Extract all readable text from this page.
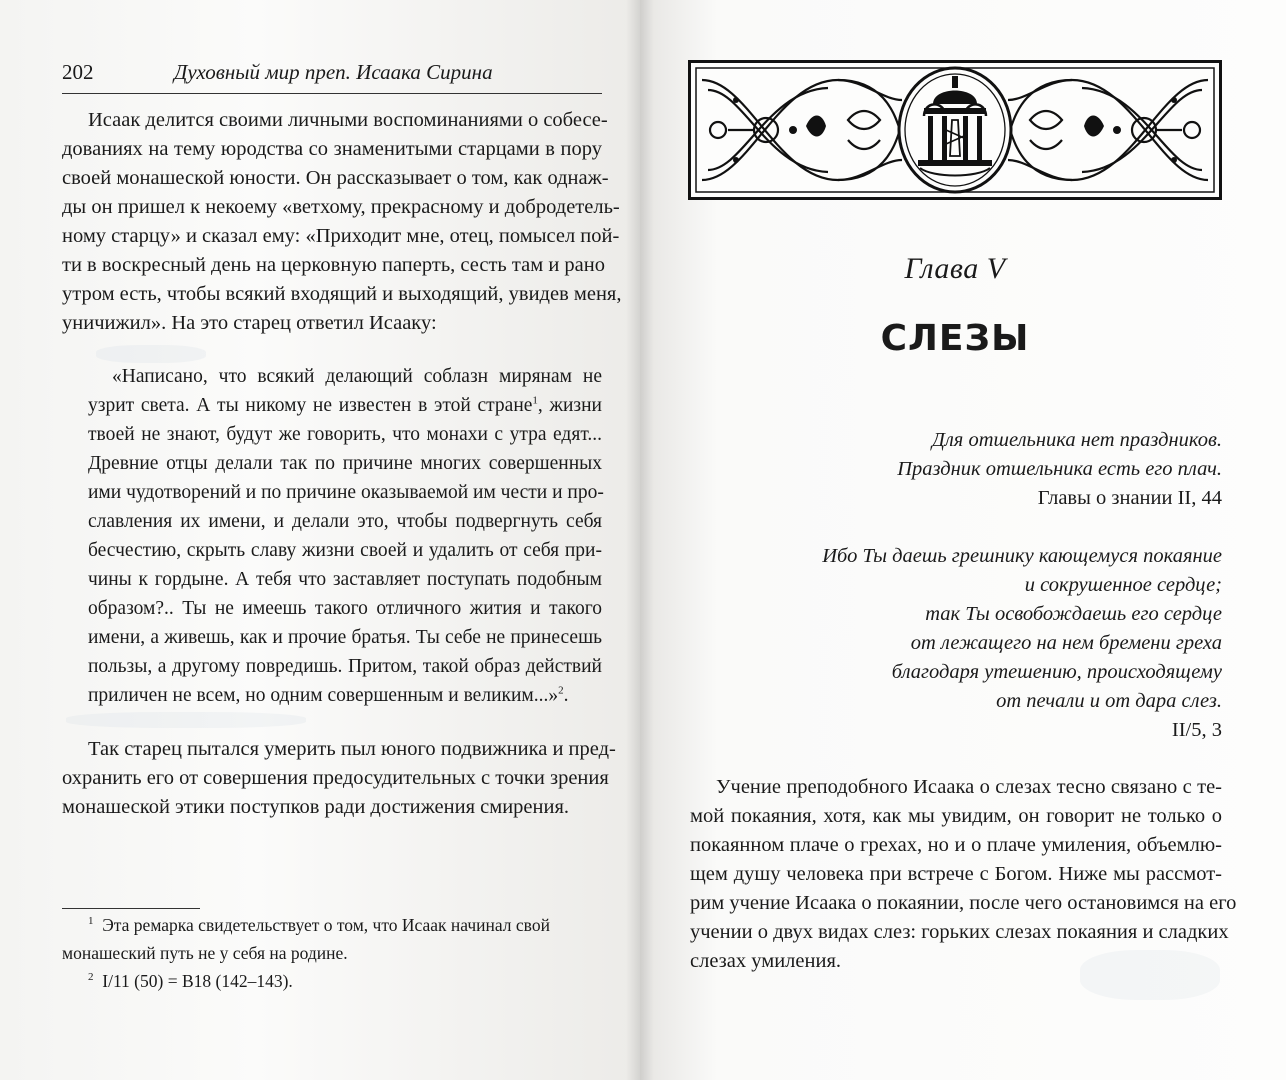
202	Духовный мир преп. Исаака Сирина
Исаак делится своими личными воспоминаниями о собесе-
дованиях на тему юродства со знаменитыми старцами в пору
своей монашеской юности. Он рассказывает о том, как однаж-
ды он пришел к некоему «ветхому, прекрасному и добродетель-
ному старцу» и сказал ему: «Приходит мне, отец, помысел пой-
ти в воскресный день на церковную паперть, сесть там и рано
утром есть, чтобы всякий входящий и выходящий, увидев меня,
уничижил». На это старец ответил Исааку:
«Написано, что всякий делающий соблазн мирянам не
узрит света. А ты никому не известен в этой стране$^1$, жизни
твоей не знают, будут же говорить, что монахи с утра едят...
Древние отцы делали так по причине многих совершенных
ими чудотворений и по причине оказываемой им чести и про-
славления их имени, и делали это, чтобы подвергнуть себя
бесчестию, скрыть славу жизни своей и удалить от себя при-
чины к гордыне. А тебя что заставляет поступать подобным
образом?.. Ты не имеешь такого отличного жития и такого
имени, а живешь, как и прочие братья. Ты себе не принесешь
пользы, а другому повредишь. Притом, такой образ действий
приличен не всем, но одним совершенным и великим...»$^2$.
Так старец пытался умерить пыл юного подвижника и пред-
охранить его от совершения предосудительных с точки зрения
монашеской этики поступков ради достижения смирения.
$^1$ Эта ремарка свидетельствует о том, что Исаак начинал свой
монашеский путь не у себя на родине.
$^2$ I/11 (50) = B18 (142–143).
Глава V
СЛЕЗЫ
Для отшельника нет праздников.
Праздник отшельника есть его плач.
Главы о знании II, 44
Ибо Ты даешь грешнику кающемуся покаяние
и сокрушенное сердце;
так Ты освобождаешь его сердце
от лежащего на нем бремени греха
благодаря утешению, происходящему
от печали и от дара слез.
II/5, 3
Учение преподобного Исаака о слезах тесно связано с те-
мой покаяния, хотя, как мы увидим, он говорит не только о
покаянном плаче о грехах, но и о плаче умиления, объемлю-
щем душу человека при встрече с Богом. Ниже мы рассмот-
рим учение Исаака о покаянии, после чего остановимся на его
учении о двух видах слез: горьких слезах покаяния и сладких
слезах умиления.
